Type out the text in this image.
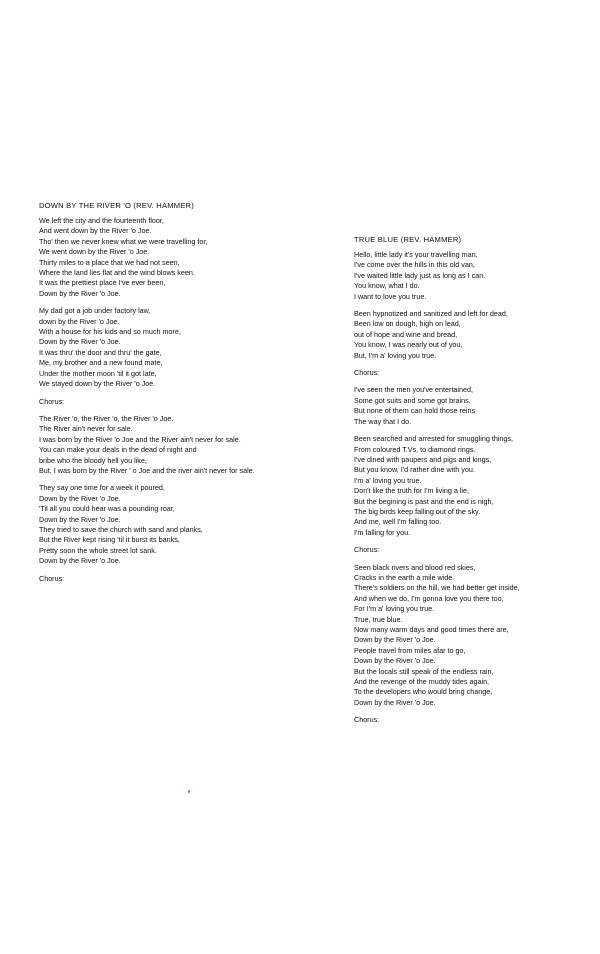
DOWN BY THE RIVER 'O (REV. HAMMER)
We left the city and the fourteenth floor,
And went down by the River 'o Joe.
Tho' then we never knew what we were travelling for,
We went down by the River 'o Joe.
Thirty miles to a place that we had not seen,
Where the land lies flat and the wind blows keen.
It was the prettiest place I've ever been,
Down by the River 'o Joe.
My dad got a job under factory law,
down by the River 'o Joe.
With a house for his kids and so much more,
Down by the River 'o Joe.
It was thru' the door and thru' the gate,
Me, my brother and a new found mate,
Under the mother moon 'til it got late,
We stayed down by the River 'o Joe.
Chorus:
The River 'o, the River 'o, the River 'o Joe.
The River ain't never for sale.
I was born by the River 'o Joe and the River ain't never for sale.
You can make your deals in the dead of night and
bribe who the bloody hell you like,
But, I was born by the River ' o Joe and the river ain't never for sale.
They say one time for a week it poured,
Down by the River 'o Joe.
'Til all you could hear was a pounding roar,
Down by the River 'o Joe.
They tried to save the church with sand and planks,
But the River kept rising 'til it burst its banks,
Pretty soon the whole street lot sank.
Down by the River 'o Joe.
Chorus:
TRUE BLUE (REV. HAMMER)
Hello, little lady it's your travelling man,
I've come over the hills in this old van,
I've waited little lady just as long as I can.
You know, what I do.
I want to love you true.
Been hypnotized and sanitized and left for dead,
Been low on dough, high on lead,
out of hope and wine and bread,
You know, I was nearly out of you,
But, I'm a' loving you true.
Chorus:
I've seen the men you've entertained,
Some got suits and some got brains.
But none of them can hold those reins
The way that I do.
Been searched and arrested for smuggling things,
From coloured T.Vs, to diamond rings.
I've dined with paupers and pigs and kings,
But you know, I'd rather dine with you.
I'm a' loving you true.
Don't like the truth for I'm living a lie,
But the begining is past and the end is nigh,
The big birds keep falling out of the sky.
And me, well I'm falling too.
I'm falling for you.
Chorus:
Seen black rivers and blood red skies,
Cracks in the earth a mile wide.
There's soldiers on the hill, we had better get inside,
And when we do, I'm gonna love you there too,
For I'm a' loving you true.
True, true blue.
Now many warm days and good times there are,
Down by the River 'o Joe.
People travel from miles afar to go,
Down by the River 'o Joe.
But the locals still speak of the endless rain,
And the revenge of the muddy tides again,
To the developers who would bring change,
Down by the River 'o Joe.
Chorus:
